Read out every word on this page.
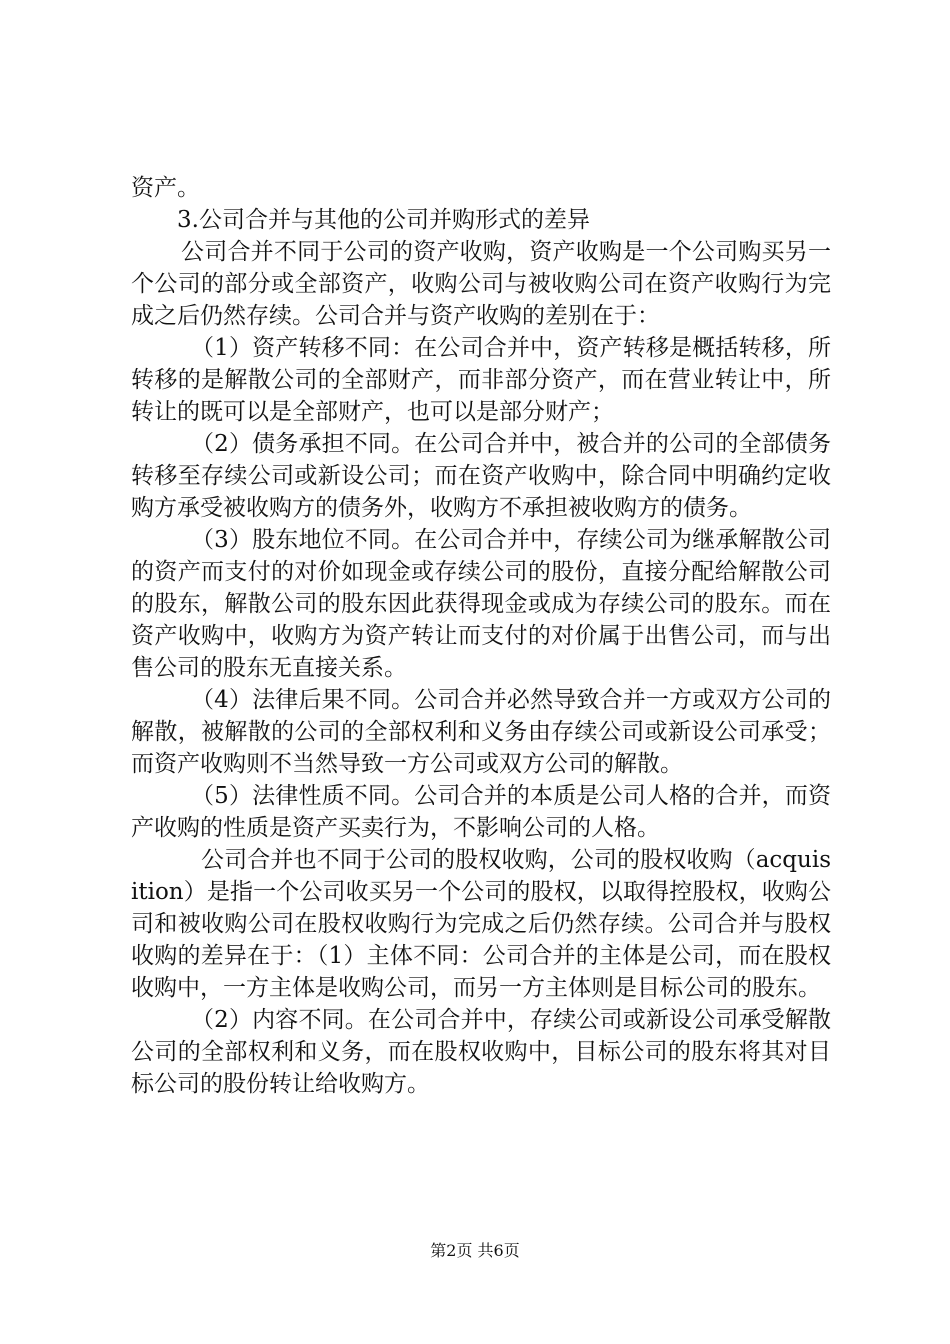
资产。

3.公司合并与其他的公司并购形式的差异

公司合并不同于公司的资产收购，资产收购是一个公司购买另一个公司的部分或全部资产，收购公司与被收购公司在资产收购行为完成之后仍然存续。公司合并与资产收购的差别在于：

（1）资产转移不同：在公司合并中，资产转移是概括转移，所转移的是解散公司的全部财产，而非部分资产，而在营业转让中，所转让的既可以是全部财产，也可以是部分财产；

（2）债务承担不同。在公司合并中，被合并的公司的全部债务转移至存续公司或新设公司；而在资产收购中，除合同中明确约定收购方承受被收购方的债务外，收购方不承担被收购方的债务。

（3）股东地位不同。在公司合并中，存续公司为继承解散公司的资产而支付的对价如现金或存续公司的股份，直接分配给解散公司的股东，解散公司的股东因此获得现金或成为存续公司的股东。而在资产收购中，收购方为资产转让而支付的对价属于出售公司，而与出售公司的股东无直接关系。

（4）法律后果不同。公司合并必然导致合并一方或双方公司的解散，被解散的公司的全部权利和义务由存续公司或新设公司承受；而资产收购则不当然导致一方公司或双方公司的解散。

（5）法律性质不同。公司合并的本质是公司人格的合并，而资产收购的性质是资产买卖行为，不影响公司的人格。

公司合并也不同于公司的股权收购，公司的股权收购（acquisition）是指一个公司收买另一个公司的股权，以取得控股权，收购公司和被收购公司在股权收购行为完成之后仍然存续。公司合并与股权收购的差异在于：（1）主体不同：公司合并的主体是公司，而在股权收购中，一方主体是收购公司，而另一方主体则是目标公司的股东。

（2）内容不同。在公司合并中，存续公司或新设公司承受解散公司的全部权利和义务，而在股权收购中，目标公司的股东将其对目标公司的股份转让给收购方。

第2页 共6页
